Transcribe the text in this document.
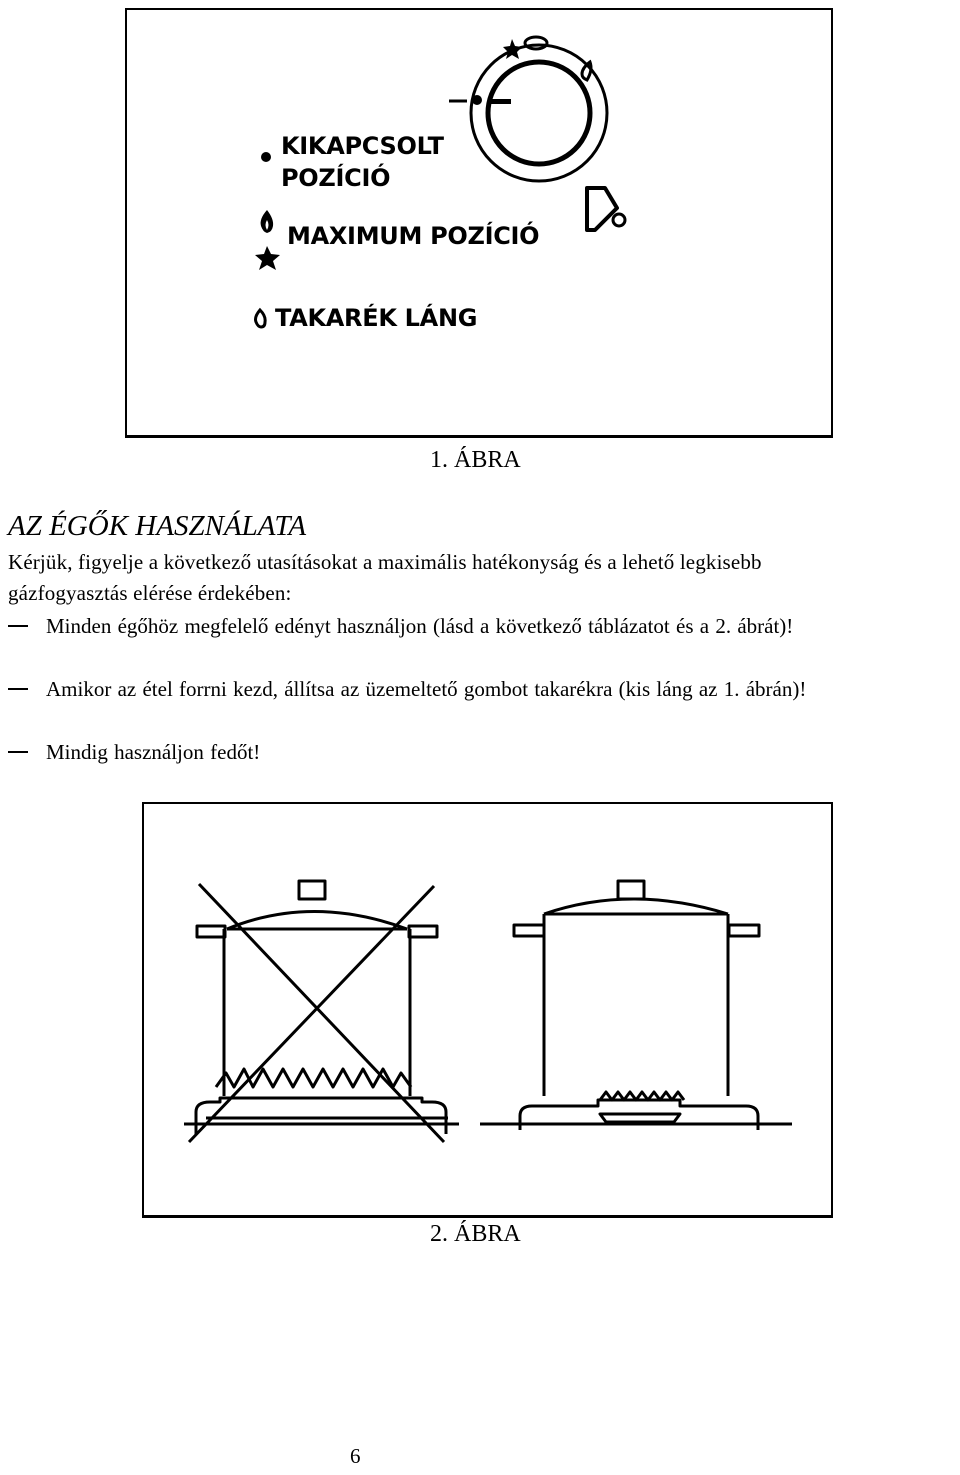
KIKAPCSOLT
POZÍCIÓ
MAXIMUM POZÍCIÓ
TAKARÉK LÁNG
1. ÁBRA
AZ ÉGŐK HASZNÁLATA
Kérjük, figyelje a következő utasításokat a maximális hatékonyság és a lehető legkisebb
gázfogyasztás elérése érdekében:
Minden égőhöz megfelelő edényt használjon (lásd a következő táblázatot és a 2. ábrát)!
Amikor az étel forrni kezd, állítsa az üzemeltető gombot takarékra (kis láng az 1. ábrán)!
Mindig használjon fedőt!
2. ÁBRA
6
